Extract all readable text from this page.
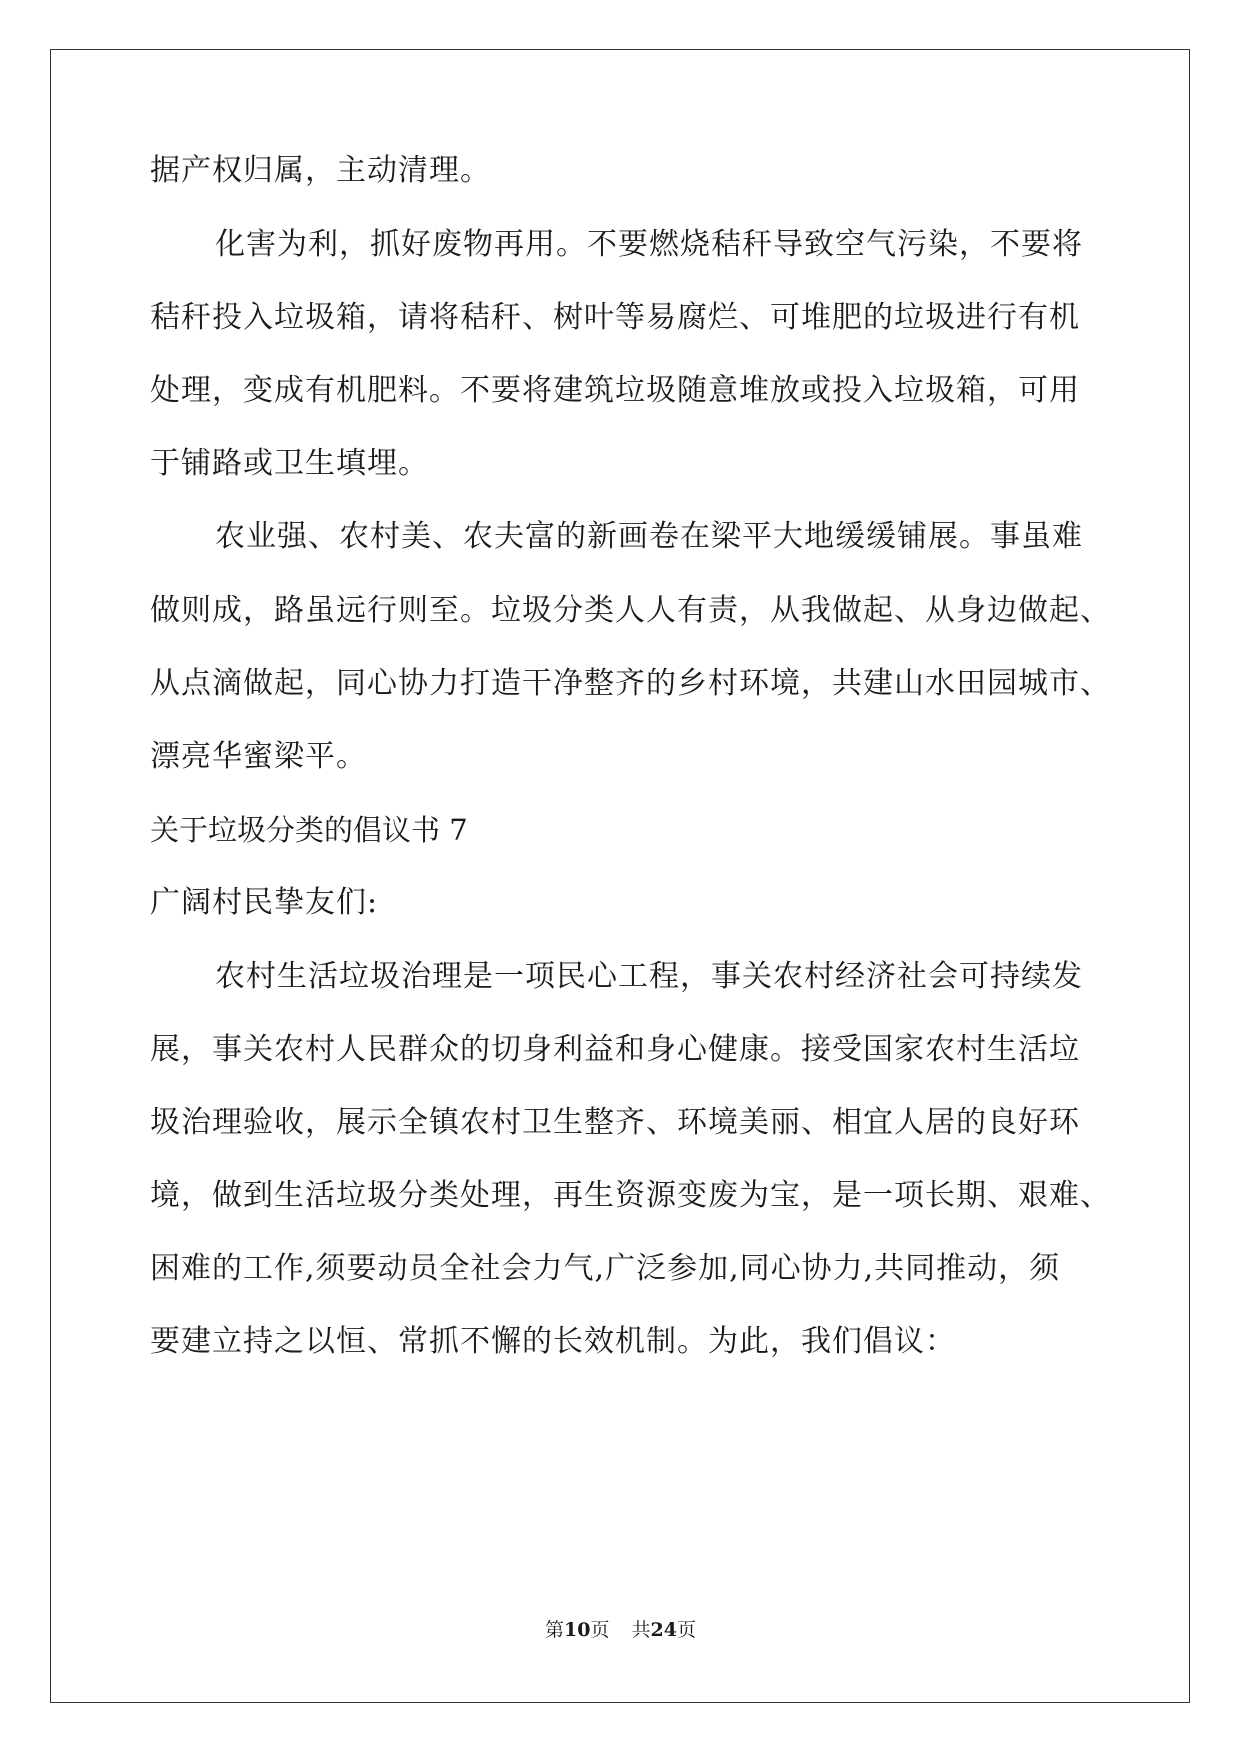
据产权归属，主动清理。
化害为利，抓好废物再用。不要燃烧秸秆导致空气污染，不要将
秸秆投入垃圾箱，请将秸秆、树叶等易腐烂、可堆肥的垃圾进行有机
处理，变成有机肥料。不要将建筑垃圾随意堆放或投入垃圾箱，可用
于铺路或卫生填埋。
农业强、农村美、农夫富的新画卷在梁平大地缓缓铺展。事虽难
做则成，路虽远行则至。垃圾分类人人有责，从我做起、从身边做起、
从点滴做起，同心协力打造干净整齐的乡村环境，共建山水田园城市、
漂亮华蜜梁平。
关于垃圾分类的倡议书 7
广阔村民挚友们:
农村生活垃圾治理是一项民心工程，事关农村经济社会可持续发
展，事关农村人民群众的切身利益和身心健康。接受国家农村生活垃
圾治理验收，展示全镇农村卫生整齐、环境美丽、相宜人居的良好环
境，做到生活垃圾分类处理，再生资源变废为宝，是一项长期、艰难、
困难的工作,须要动员全社会力气,广泛参加,同心协力,共同推动，须
要建立持之以恒、常抓不懈的长效机制。为此，我们倡议：
第10页 共24页
